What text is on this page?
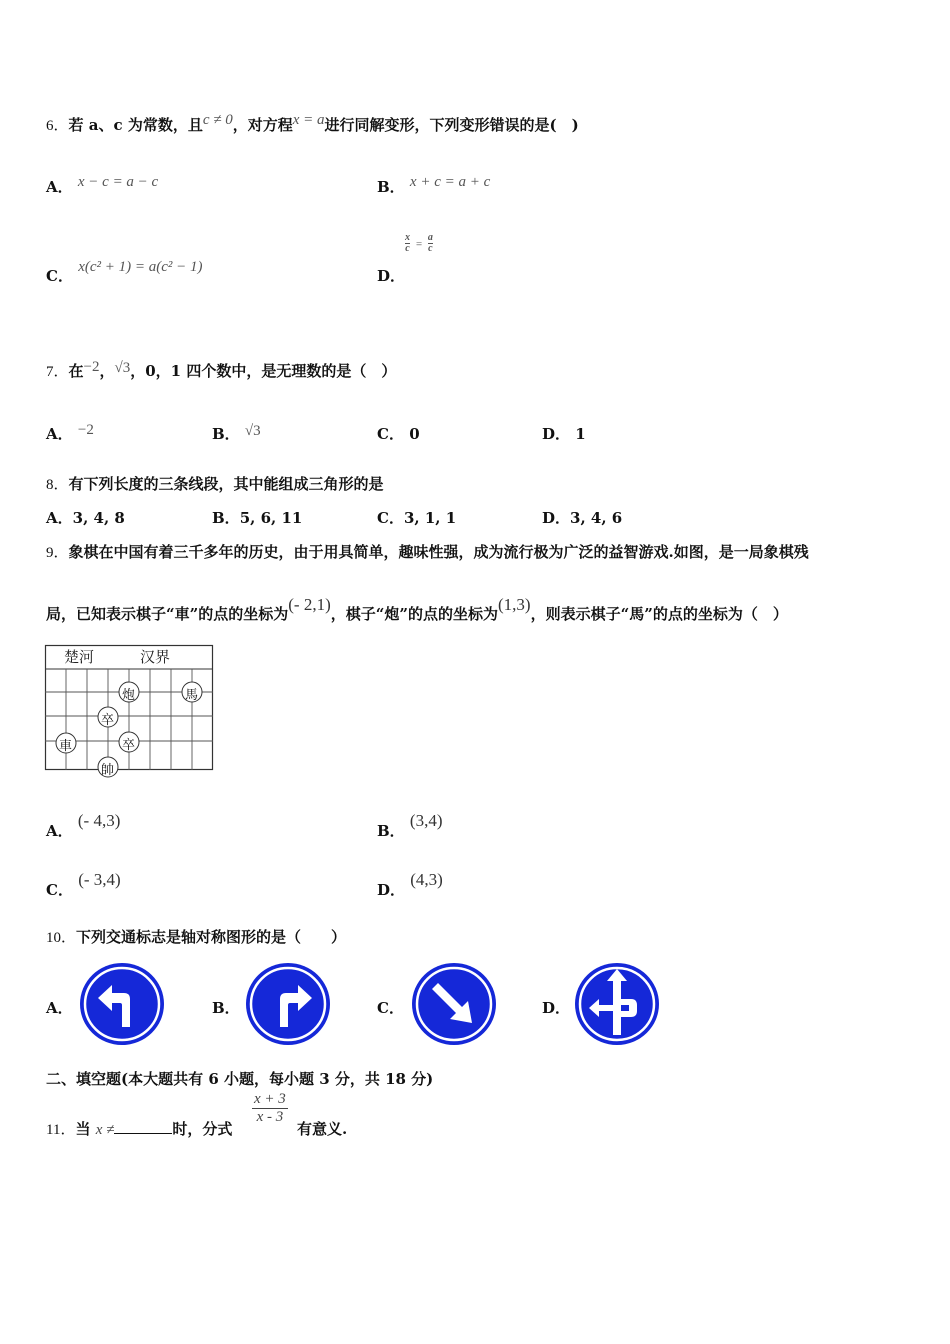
6．若 a、c 为常数，且c ≠ 0，对方程x = a进行同解变形，下列变形错误的是(　)
A． x − c = a − c	B． x + c = a + c
C． x(c² + 1) = a(c² − 1)	D．
$\frac{x}{c} = \frac{a}{c}$
7．在−2，√3，0，1 四个数中，是无理数的是（　）
A． −2	B． √3	C． 0	D． 1
8．有下列长度的三条线段，其中能组成三角形的是
A．3, 4, 8	B．5, 6, 11	C．3, 1, 1	D．3, 4, 6
9．象棋在中国有着三千多年的历史，由于用具简单，趣味性强，成为流行极为广泛的益智游戏.如图，是一局象棋残
局，已知表示棋子“車”的点的坐标为(- 2,1)，棋子“炮”的点的坐标为(1,3)，则表示棋子“馬”的点的坐标为（　）
楚河	汉界
炮	馬
卒
卒
車
帥
A． (- 4,3)
B． (3,4)
C． (- 3,4)
D． (4,3)
10．下列交通标志是轴对称图形的是（　　）
A．	B．	C．	D．
二、填空题(本大题共有 6 小题，每小题 3 分，共 18 分)
11．当 x ≠	时，分式
$\frac{x + 3}{x - 3}$
有意义.
